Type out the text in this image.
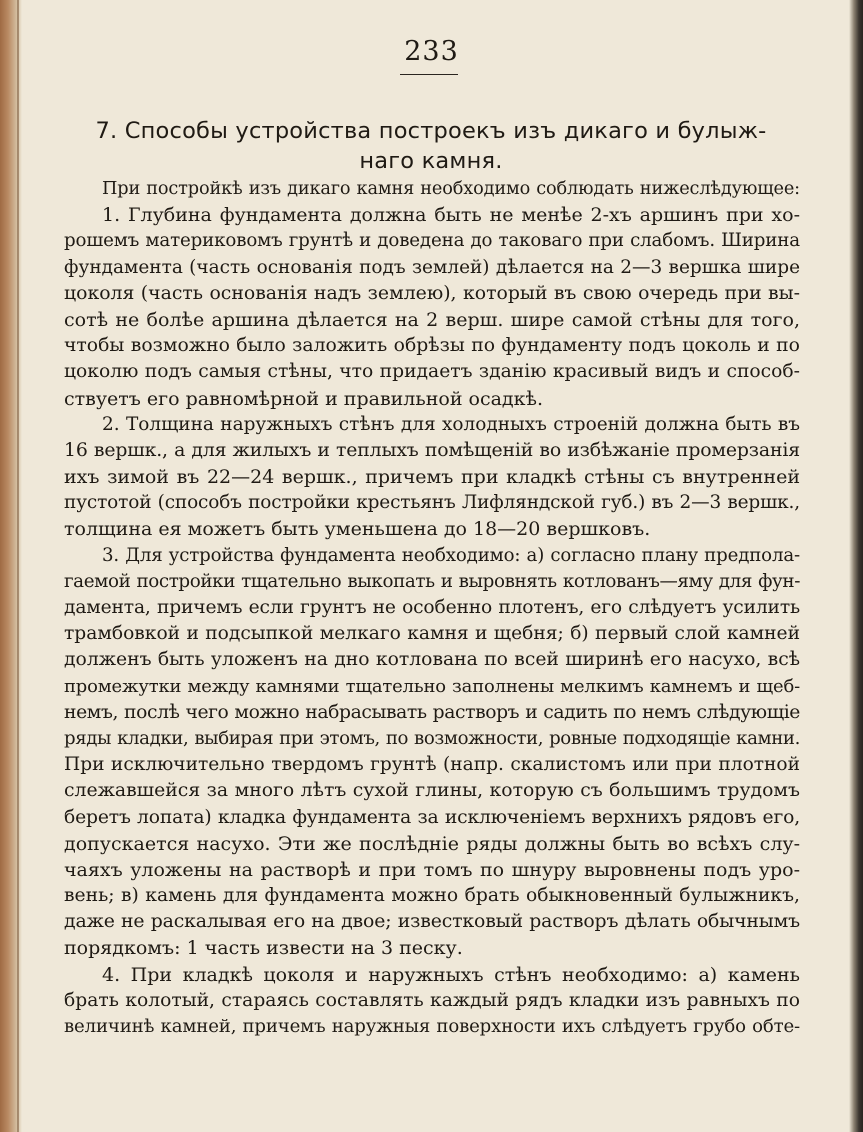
233
7. Способы устройства построекъ изъ дикаго и булыж-
наго камня.
При постройкѣ изъ дикаго камня необходимо соблюдать нижеслѣдующее:
1. Глубина фундамента должна быть не менѣе 2-хъ аршинъ при хо-
рошемъ материковомъ грунтѣ и доведена до таковаго при слабомъ. Ширина
фундамента (часть основанія подъ землей) дѣлается на 2—3 вершка шире
цоколя (часть основанія надъ землею), который въ свою очередь при вы-
сотѣ не болѣе аршина дѣлается на 2 верш. шире самой стѣны для того,
чтобы возможно было заложить обрѣзы по фундаменту подъ цоколь и по
цоколю подъ самыя стѣны, что придаетъ зданію красивый видъ и способ-
ствуетъ его равномѣрной и правильной осадкѣ.
2. Толщина наружныхъ стѣнъ для холодныхъ строеній должна быть въ
16 вершк., а для жилыхъ и теплыхъ помѣщеній во избѣжаніе промерзанія
ихъ зимой въ 22—24 вершк., причемъ при кладкѣ стѣны съ внутренней
пустотой (способъ постройки крестьянъ Лифляндской губ.) въ 2—3 вершк.,
толщина ея можетъ быть уменьшена до 18—20 вершковъ.
3. Для устройства фундамента необходимо: а) согласно плану предпола-
гаемой постройки тщательно выкопать и выровнять котлованъ—яму для фун-
дамента, причемъ если грунтъ не особенно плотенъ, его слѣдуетъ усилить
трамбовкой и подсыпкой мелкаго камня и щебня; б) первый слой камней
долженъ быть уложенъ на дно котлована по всей ширинѣ его насухо, всѣ
промежутки между камнями тщательно заполнены мелкимъ камнемъ и щеб-
немъ, послѣ чего можно набрасывать растворъ и садить по немъ слѣдующіе
ряды кладки, выбирая при этомъ, по возможности, ровные подходящіе камни.
При исключительно твердомъ грунтѣ (напр. скалистомъ или при плотной
слежавшейся за много лѣтъ сухой глины, которую съ большимъ трудомъ
беретъ лопата) кладка фундамента за исключеніемъ верхнихъ рядовъ его,
допускается насухо. Эти же послѣдніе ряды должны быть во всѣхъ слу-
чаяхъ уложены на растворѣ и при томъ по шнуру выровнены подъ уро-
вень; в) камень для фундамента можно брать обыкновенный булыжникъ,
даже не раскалывая его на двое; известковый растворъ дѣлать обычнымъ
порядкомъ: 1 часть извести на 3 песку.
4. При кладкѣ цоколя и наружныхъ стѣнъ необходимо: а) камень
брать колотый, стараясь составлять каждый рядъ кладки изъ равныхъ по
величинѣ камней, причемъ наружныя поверхности ихъ слѣдуетъ грубо обте-
